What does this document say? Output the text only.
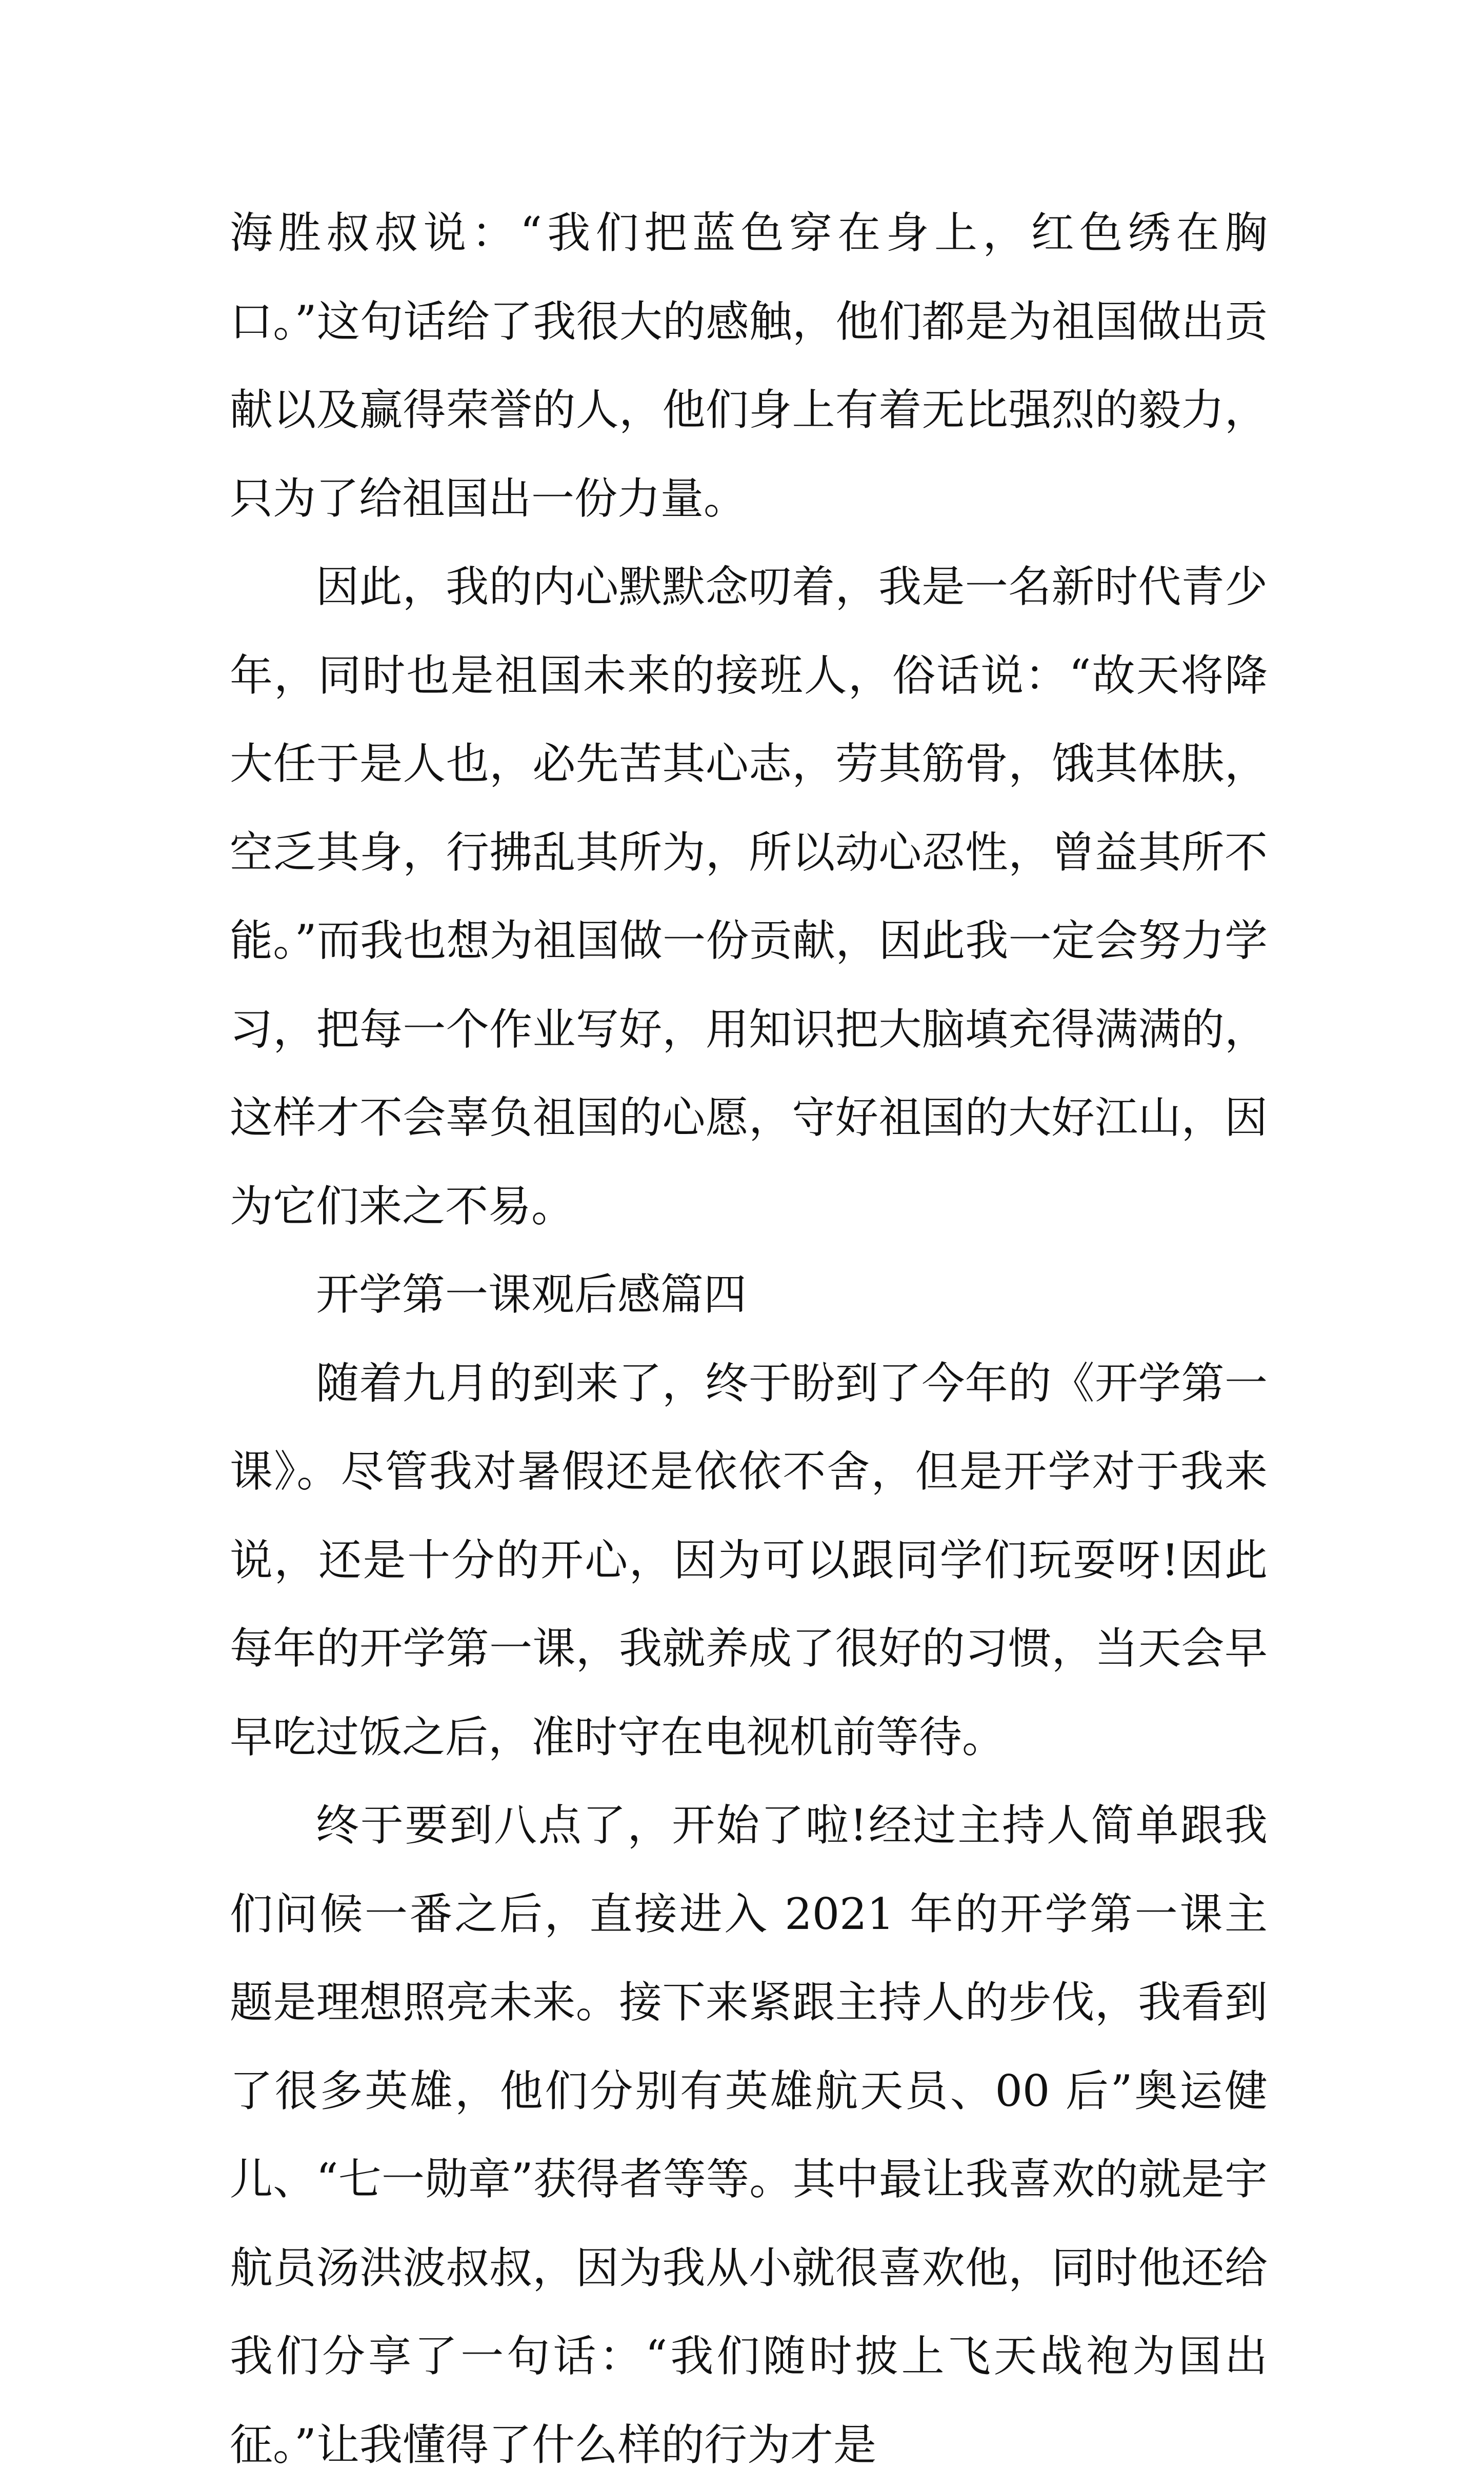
海胜叔叔说：“我们把蓝色穿在身上，红色绣在胸口。”这句话给了我很大的感触，他们都是为祖国做出贡献以及赢得荣誉的人，他们身上有着无比强烈的毅力，只为了给祖国出一份力量。

因此，我的内心默默念叨着，我是一名新时代青少年，同时也是祖国未来的接班人，俗话说：“故天将降大任于是人也，必先苦其心志，劳其筋骨，饿其体肤，空乏其身，行拂乱其所为，所以动心忍性，曾益其所不能。”而我也想为祖国做一份贡献，因此我一定会努力学习，把每一个作业写好，用知识把大脑填充得满满的，这样才不会辜负祖国的心愿，守好祖国的大好江山，因为它们来之不易。

开学第一课观后感篇四

随着九月的到来了，终于盼到了今年的《开学第一课》。尽管我对暑假还是依依不舍，但是开学对于我来说，还是十分的开心，因为可以跟同学们玩耍呀!因此每年的开学第一课，我就养成了很好的习惯，当天会早早吃过饭之后，准时守在电视机前等待。

终于要到八点了，开始了啦!经过主持人简单跟我们问候一番之后，直接进入 2021 年的开学第一课主题是理想照亮未来。接下来紧跟主持人的步伐，我看到了很多英雄，他们分别有英雄航天员、00 后”奥运健儿、“七一勋章”获得者等等。其中最让我喜欢的就是宇航员汤洪波叔叔，因为我从小就很喜欢他，同时他还给我们分享了一句话：“我们随时披上飞天战袍为国出征。”让我懂得了什么样的行为才是
